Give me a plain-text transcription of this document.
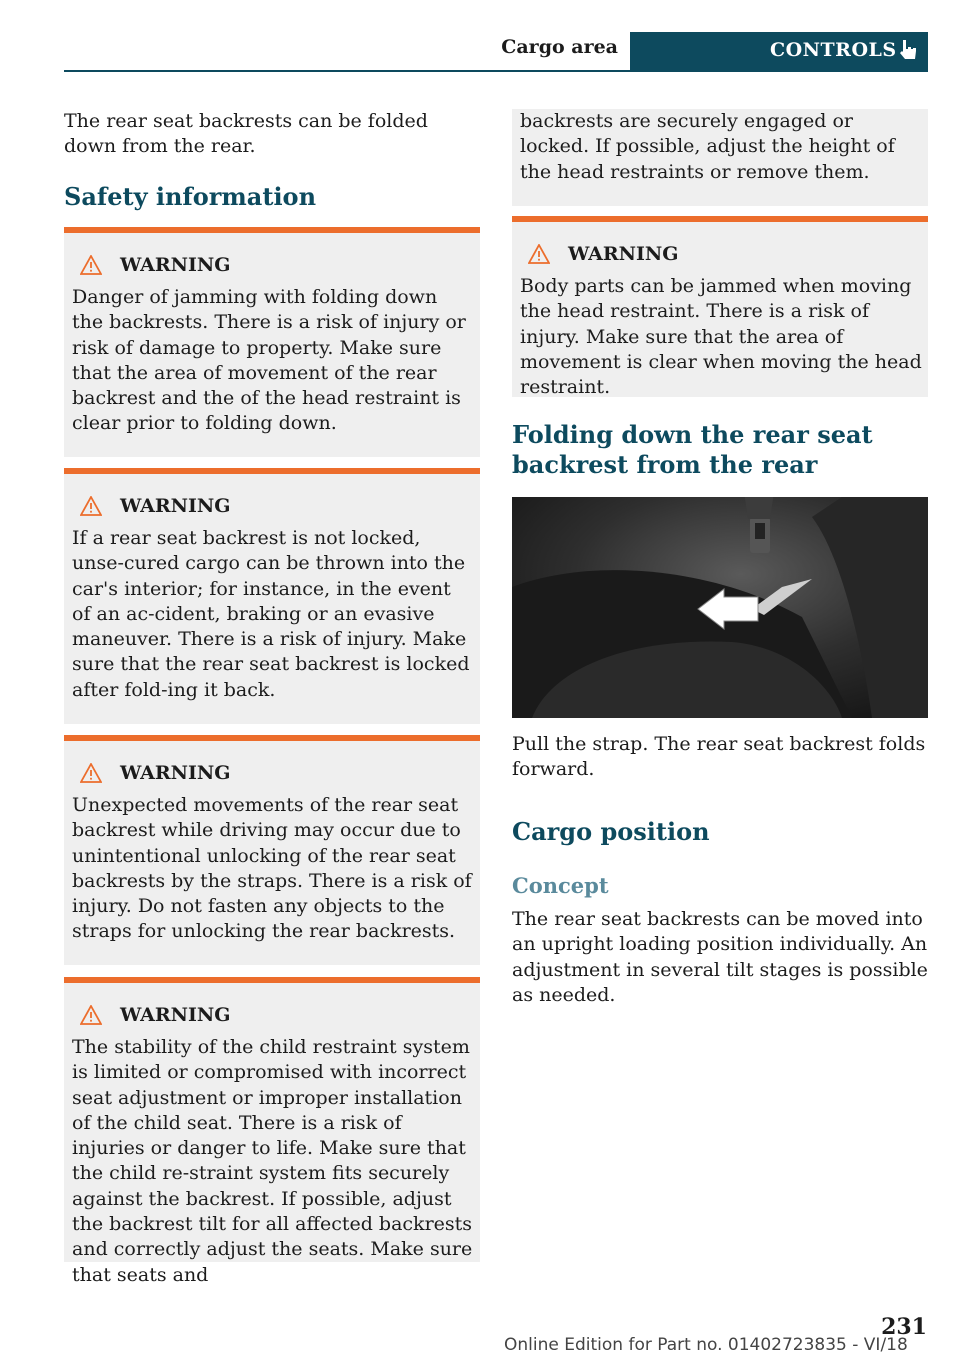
Cargo area	CONTROLS

The rear seat backrests can be folded down from the rear.

Safety information
WARNING

Danger of jamming with folding down the backrests. There is a risk of injury or risk of damage to property. Make sure that the area of movement of the rear backrest and the of the head restraint is clear prior to folding down.

WARNING

If a rear seat backrest is not locked, unse-cured cargo can be thrown into the car's interior; for instance, in the event of an ac-cident, braking or an evasive maneuver. There is a risk of injury. Make sure that the rear seat backrest is locked after fold-ing it back.

WARNING

Unexpected movements of the rear seat backrest while driving may occur due to unintentional unlocking of the rear seat backrests by the straps. There is a risk of injury. Do not fasten any objects to the straps for unlocking the rear backrests.

WARNING

The stability of the child restraint system is limited or compromised with incorrect seat adjustment or improper installation of the child seat. There is a risk of injuries or danger to life. Make sure that the child re-straint system fits securely against the backrest. If possible, adjust the backrest tilt for all affected backrests and correctly adjust the seats. Make sure that seats and

backrests are securely engaged or locked. If possible, adjust the height of the head restraints or remove them.

WARNING

Body parts can be jammed when moving the head restraint. There is a risk of injury. Make sure that the area of movement is clear when moving the head restraint.

Folding down the rear seat backrest from the rear

Pull the strap. The rear seat backrest folds forward.

Cargo position
Concept

The rear seat backrests can be moved into an upright loading position individually. An adjustment in several tilt stages is possible as needed.

231
Online Edition for Part no. 01402723835 - VI/18
